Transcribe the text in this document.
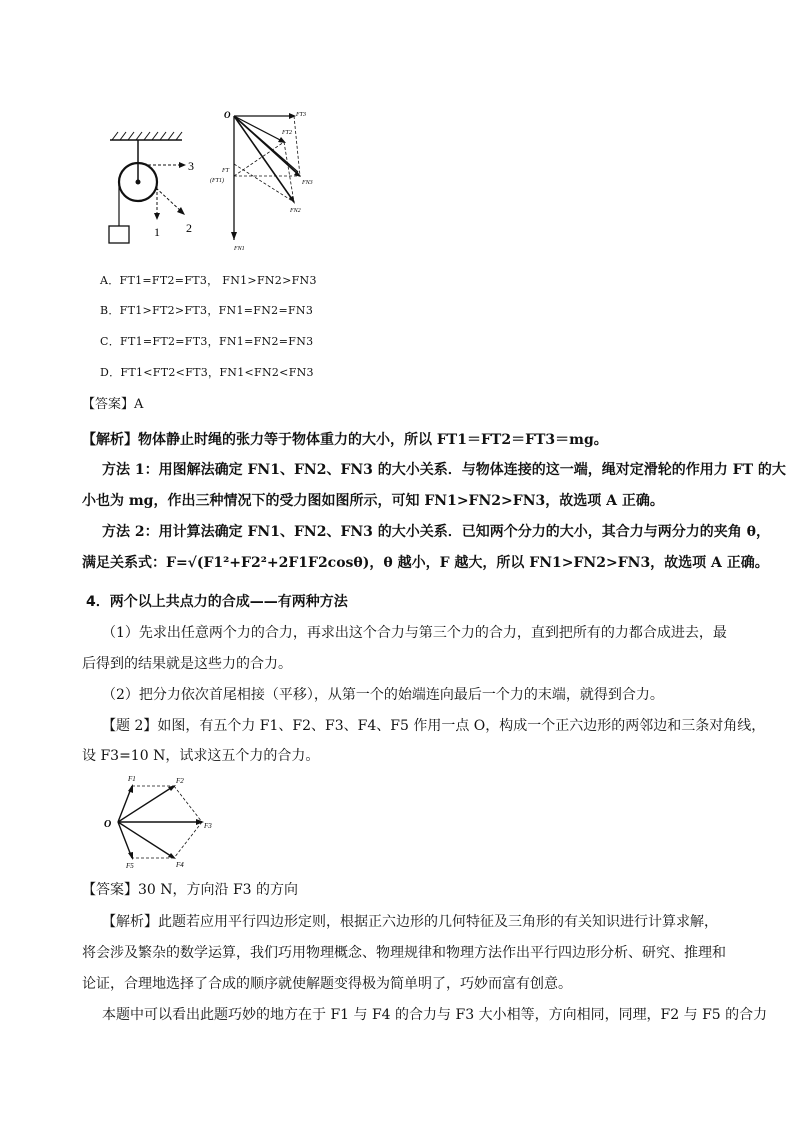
3
2
1
O	FT3
FT2
FT
(FT1)	FN3
FN2
FN1
A．FT1=FT2=FT3， FN1>FN2>FN3
B．FT1>FT2>FT3，FN1=FN2=FN3
C．FT1=FT2=FT3，FN1=FN2=FN3
D．FT1<FT2<FT3，FN1<FN2<FN3
【答案】A
【解析】物体静止时绳的张力等于物体重力的大小，所以 FT1＝FT2＝FT3＝mg。
方法 1：用图解法确定 FN1、FN2、FN3 的大小关系．与物体连接的这一端，绳对定滑轮的作用力 FT 的大
小也为 mg，作出三种情况下的受力图如图所示，可知 FN1>FN2>FN3，故选项 A 正确。
方法 2：用计算法确定 FN1、FN2、FN3 的大小关系．已知两个分力的大小，其合力与两分力的夹角 θ，
满足关系式：F=√(F1²+F2²+2F1F2cosθ)，θ 越小，F 越大，所以 FN1>FN2>FN3，故选项 A 正确。
4．两个以上共点力的合成——有两种方法
（1）先求出任意两个力的合力，再求出这个合力与第三个力的合力，直到把所有的力都合成进去，最
后得到的结果就是这些力的合力。
（2）把分力依次首尾相接（平移），从第一个的始端连向最后一个力的末端，就得到合力。
【题 2】如图，有五个力 F1、F2、F3、F4、F5 作用一点 O，构成一个正六边形的两邻边和三条对角线，
设 F3=10 N，试求这五个力的合力。
O
F1	F2
F3
F4
F5
【答案】30 N，方向沿 F3 的方向
【解析】此题若应用平行四边形定则，根据正六边形的几何特征及三角形的有关知识进行计算求解，
将会涉及繁杂的数学运算，我们巧用物理概念、物理规律和物理方法作出平行四边形分析、研究、推理和
论证，合理地选择了合成的顺序就使解题变得极为简单明了，巧妙而富有创意。
本题中可以看出此题巧妙的地方在于 F1 与 F4 的合力与 F3 大小相等，方向相同，同理，F2 与 F5 的合力
